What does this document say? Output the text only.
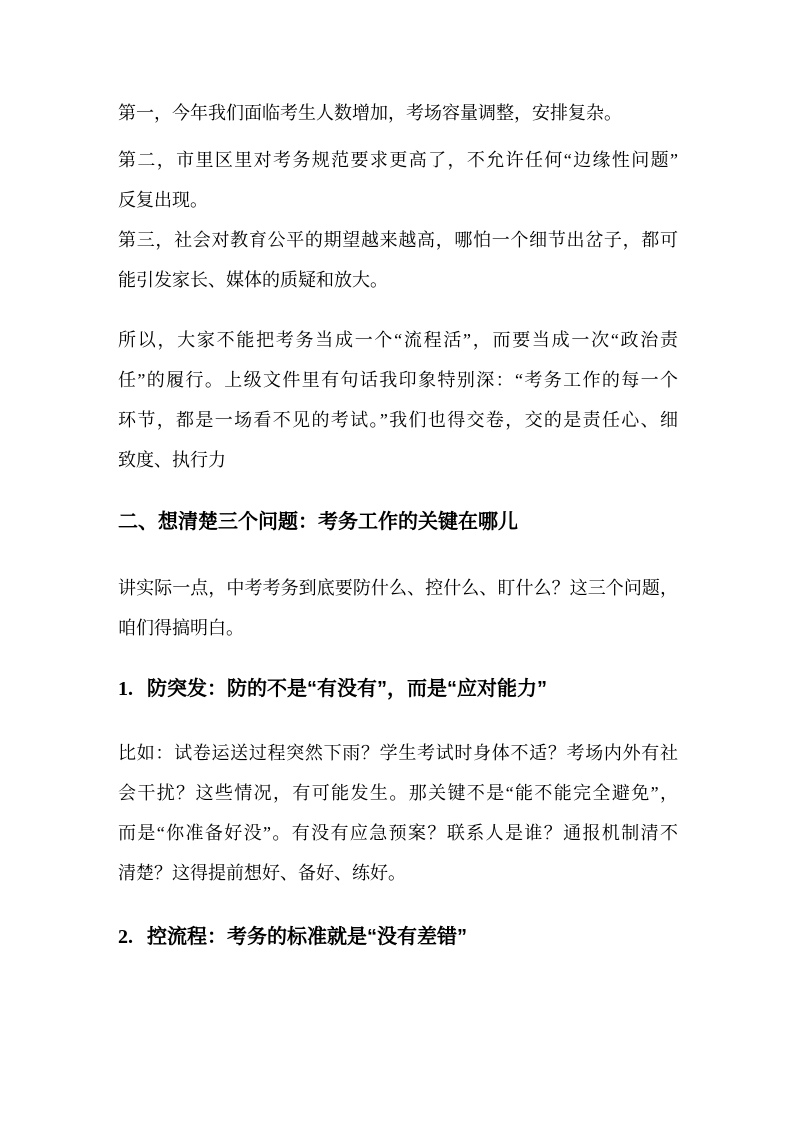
第一，今年我们面临考生人数增加，考场容量调整，安排复杂。
第二，市里区里对考务规范要求更高了，不允许任何“边缘性问题”
反复出现。
第三，社会对教育公平的期望越来越高，哪怕一个细节出岔子，都可
能引发家长、媒体的质疑和放大。
所以，大家不能把考务当成一个“流程活”，而要当成一次“政治责
任”的履行。上级文件里有句话我印象特别深：“考务工作的每一个
环节，都是一场看不见的考试。”我们也得交卷，交的是责任心、细
致度、执行力
二、想清楚三个问题：考务工作的关键在哪儿
讲实际一点，中考考务到底要防什么、控什么、盯什么？这三个问题，
咱们得搞明白。
1. 防突发：防的不是“有没有”，而是“应对能力”
比如：试卷运送过程突然下雨？学生考试时身体不适？考场内外有社
会干扰？这些情况，有可能发生。那关键不是“能不能完全避免”，
而是“你准备好没”。有没有应急预案？联系人是谁？通报机制清不
清楚？这得提前想好、备好、练好。
2. 控流程：考务的标准就是“没有差错”
